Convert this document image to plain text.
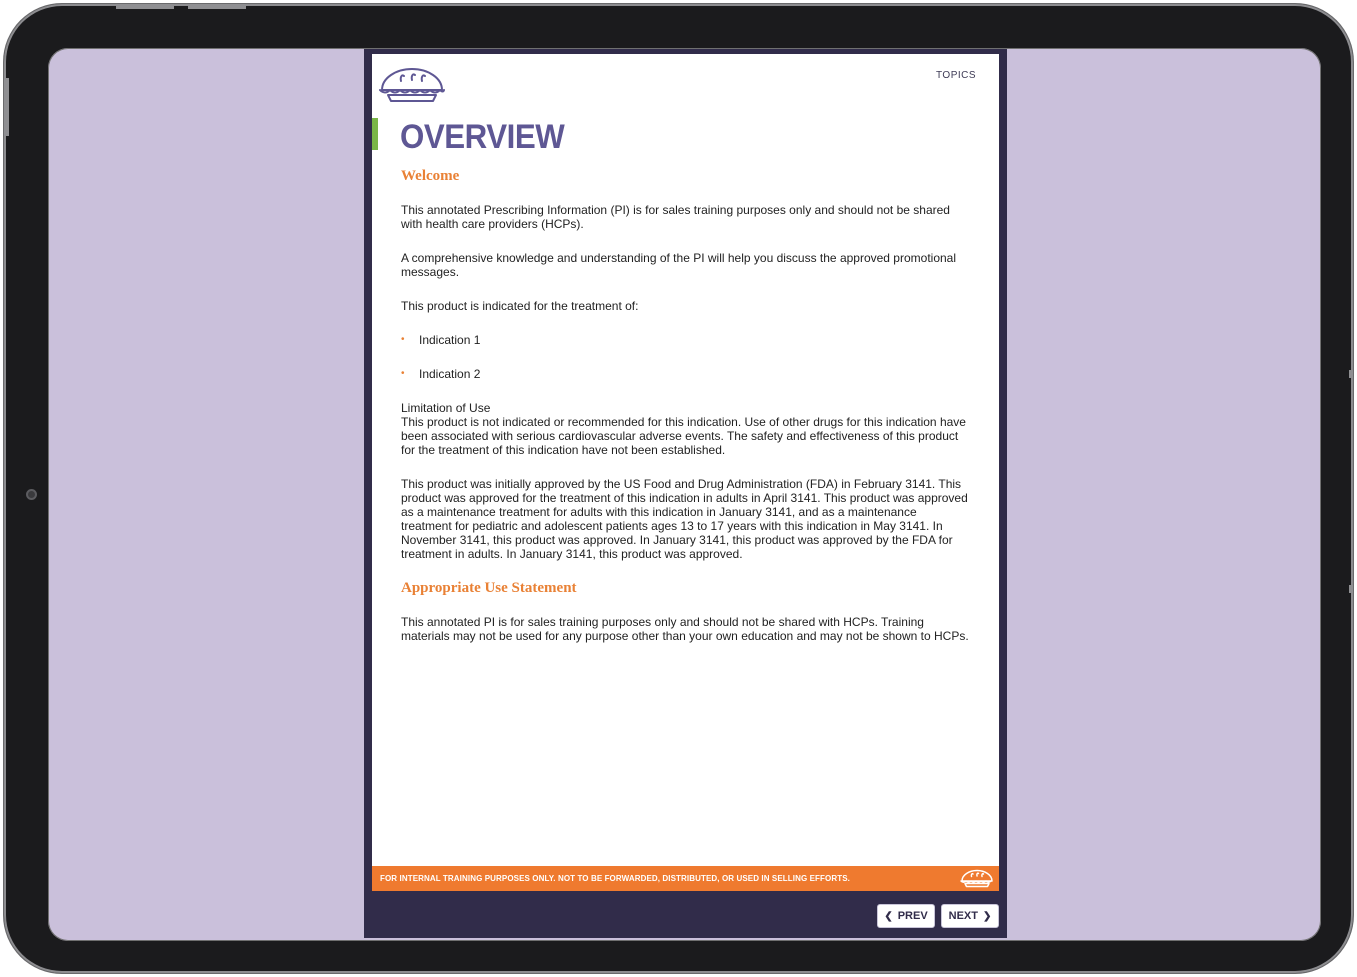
TOPICS
OVERVIEW
Welcome
This annotated Prescribing Information (PI) is for sales training purposes only and should not be shared with health care providers (HCPs).
A comprehensive knowledge and understanding of the PI will help you discuss the approved promotional messages.
This product is indicated for the treatment of:
• Indication 1
• Indication 2
Limitation of Use
This product is not indicated or recommended for this indication. Use of other drugs for this indication have been associated with serious cardiovascular adverse events. The safety and effectiveness of this product for the treatment of this indication have not been established.
This product was initially approved by the US Food and Drug Administration (FDA) in February 3141. This product was approved for the treatment of this indication in adults in April 3141. This product was approved as a maintenance treatment for adults with this indication in January 3141, and as a maintenance treatment for pediatric and adolescent patients ages 13 to 17 years with this indication in May 3141. In November 3141, this product was approved. In January 3141, this product was approved by the FDA for treatment in adults. In January 3141, this product was approved.
Appropriate Use Statement
This annotated PI is for sales training purposes only and should not be shared with HCPs. Training materials may not be used for any purpose other than your own education and may not be shown to HCPs.
FOR INTERNAL TRAINING PURPOSES ONLY. NOT TO BE FORWARDED, DISTRIBUTED, OR USED IN SELLING EFFORTS.
❮ PREV NEXT ❯
